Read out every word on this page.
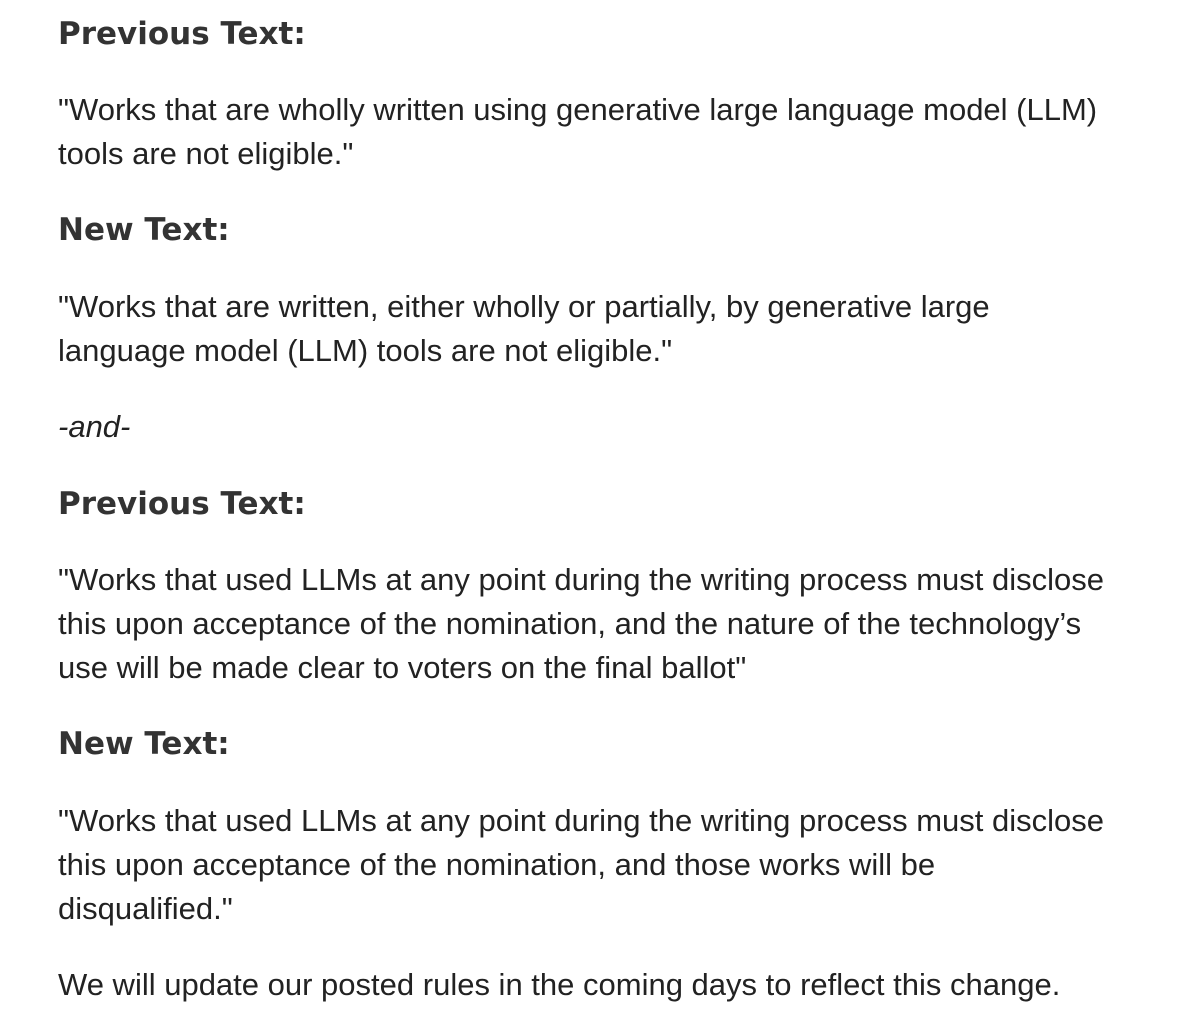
Previous Text:

"Works that are wholly written using generative large language model (LLM)
tools are not eligible."

New Text:

"Works that are written, either wholly or partially, by generative large
language model (LLM) tools are not eligible."

-and-

Previous Text:

"Works that used LLMs at any point during the writing process must disclose
this upon acceptance of the nomination, and the nature of the technology’s
use will be made clear to voters on the final ballot"

New Text:

"Works that used LLMs at any point during the writing process must disclose
this upon acceptance of the nomination, and those works will be
disqualified."

We will update our posted rules in the coming days to reflect this change.
